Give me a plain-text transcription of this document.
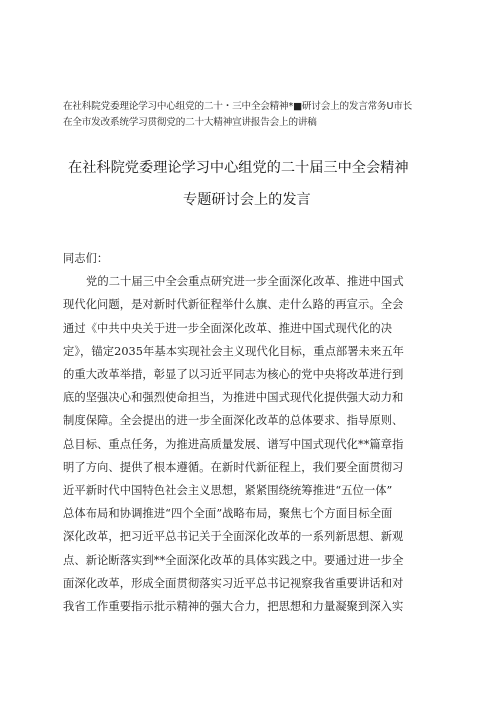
在社科院党委理论学习中心组党的二十・三中全会精神*■研讨会上的发言常务U市长
在全市发改系统学习贯彻党的二十大精神宣讲报告会上的讲稿
在社科院党委理论学习中心组党的二十届三中全会精神
专题研讨会上的发言
同志们：
党的二十届三中全会重点研究进一步全面深化改革、推进中国式
现代化问题，是对新时代新征程举什么旗、走什么路的再宣示。全会
通过《中共中央关于进一步全面深化改革、推进中国式现代化的决
定》，锚定2035年基本实现社会主义现代化目标，重点部署未来五年
的重大改革举措，彰显了以习近平同志为核心的党中央将改革进行到
底的坚强决心和强烈使命担当，为推进中国式现代化提供强大动力和
制度保障。全会提出的进一步全面深化改革的总体要求、指导原则、
总目标、重点任务，为推进高质量发展、谱写中国式现代化**篇章指
明了方向、提供了根本遵循。在新时代新征程上，我们要全面贯彻习
近平新时代中国特色社会主义思想，紧紧围绕统筹推进“五位一体”
总体布局和协调推进“四个全面”战略布局，聚焦七个方面目标全面
深化改革，把习近平总书记关于全面深化改革的一系列新思想、新观
点、新论断落实到**全面深化改革的具体实践之中。要通过进一步全
面深化改革，形成全面贯彻落实习近平总书记视察我省重要讲话和对
我省工作重要指示批示精神的强大合力，把思想和力量凝聚到深入实
